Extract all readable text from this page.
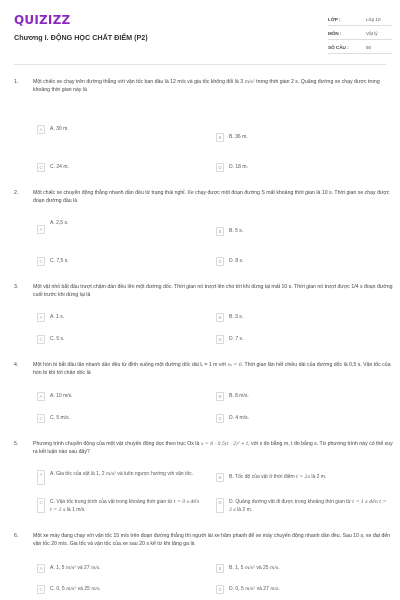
QUIZIZZ
Chương I. ĐỘNG HỌC CHẤT ĐIỂM (P2)
LỚP :	Lớp 10
MÔN :	Vật lý
SỐ CÂU :	50
1.	Một chiếc xe chạy trên đường thẳng với vận tốc ban đầu là 12 m/s và gia tốc không đổi là 3 m/s² trong thời gian 2 s. Quãng đường xe chạy được trong khoảng thời gian này là
A A. 30 m.
B B. 36 m.
C C. 24 m.	D D. 18 m.
2.	Một chiếc xe chuyển động thẳng nhanh dần đều từ trạng thái nghỉ. Xe chạy được một đoạn đường S mất khoảng thời gian là 10 s. Thời gian xe chạy được đoạn đường đầu là
A
A. 2,5 s.
B B. 5 s.
C C. 7,5 s.	D D. 8 s.
3.	Một vật nhỏ bắt đầu trượt chậm dần đều lên một đường dốc. Thời gian nó trượt lên cho tới khi dừng lại mất 10 s. Thời gian nó trượt được 1/4 s đoạn đường cuối trước khi dừng lại là
A A. 1 s.	B B. 3 s.
C C. 5 s.	D D. 7 s.
4.	Một hòn bi bắt đầu lăn nhanh dần đều từ đỉnh xuống một đường dốc dài L = 1 m với v₀ = 0. Thời gian lăn hết chiều dài của đường dốc là 0,5 s. Vận tốc của hòn bi khi tới chân dốc là
A A. 10 m/s.	B B. 8 m/s.
C C. 5 m/s.	D D. 4 m/s.
5.	Phương trình chuyển động của một vật chuyển động dọc theo trục Ox là x = 8 - 0,5(t - 2)² + t, với x đo bằng m, t đo bằng s. Từ phương trình này có thể suy ra kết luận nào sau đây?
A A. Gia tốc của vật là 1, 2 m/s² và luôn ngược hướng với vận tốc.
B B. Tốc độ của vật ở thời điểm t = 2s là 2 m.
C C. Vận tốc trung bình của vật trong khoảng thời gian từ t = 0 s đến t = 3 s là 1 m/s.
D D. Quãng đường vật đi được trong khoảng thời gian từ t = 1 s đến t = 3 s là 2 m.
6.	Một xe máy đang chạy với vận tốc 15 m/s trên đoạn đường thẳng thì người lái xe hãm phanh để xe máy chuyển động nhanh dần đều. Sau 10 s, xe đạt đến vận tốc 20 m/s. Gia tốc và vận tốc của xe sau 20 s kể từ khi tăng ga là
A A. 1, 5 m/s² và 27 m/s.	B B. 1, 5 m/s² và 25 m/s.
C C. 0, 5 m/s² và 25 m/s.	D D. 0, 5 m/s² và 27 m/s.
